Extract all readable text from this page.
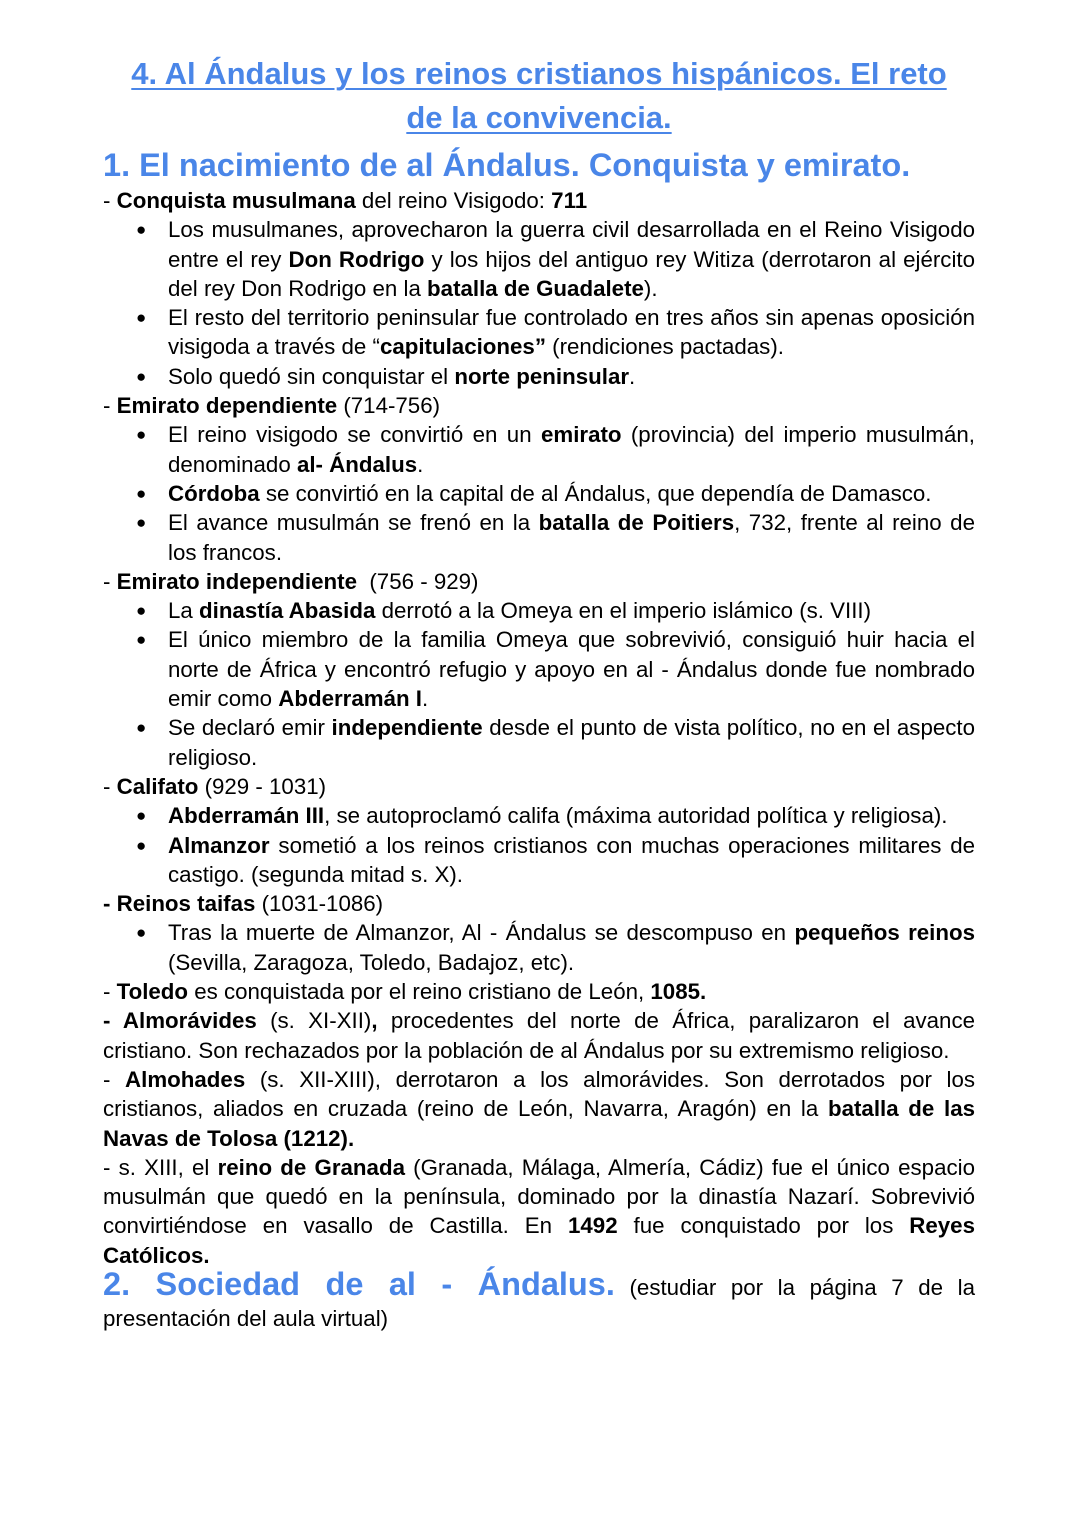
4. Al Ándalus y los reinos cristianos hispánicos. El reto
de la convivencia.
1. El nacimiento de al Ándalus. Conquista y emirato.

- Conquista musulmana del reino Visigodo: 711

● Los musulmanes, aprovecharon la guerra civil desarrollada en el Reino Visigodo entre el rey Don Rodrigo y los hijos del antiguo rey Witiza (derrotaron al ejército del rey Don Rodrigo en la batalla de Guadalete).
● El resto del territorio peninsular fue controlado en tres años sin apenas oposición visigoda a través de “capitulaciones” (rendiciones pactadas).
● Solo quedó sin conquistar el norte peninsular.

- Emirato dependiente (714-756)

● El reino visigodo se convirtió en un emirato (provincia) del imperio musulmán, denominado al- Ándalus.
● Córdoba se convirtió en la capital de al Ándalus, que dependía de Damasco.
● El avance musulmán se frenó en la batalla de Poitiers, 732, frente al reino de los francos.

- Emirato independiente  (756 - 929)

● La dinastía Abasida derrotó a la Omeya en el imperio islámico (s. VIII)
● El único miembro de la familia Omeya que sobrevivió, consiguió huir hacia el norte de África y encontró refugio y apoyo en al - Ándalus donde fue nombrado emir como Abderramán I.
● Se declaró emir independiente desde el punto de vista político, no en el aspecto religioso.

- Califato (929 - 1031)

● Abderramán III, se autoproclamó califa (máxima autoridad política y religiosa).
● Almanzor sometió a los reinos cristianos con muchas operaciones militares de castigo. (segunda mitad s. X).

- Reinos taifas (1031-1086)

● Tras la muerte de Almanzor, Al - Ándalus se descompuso en pequeños reinos (Sevilla, Zaragoza, Toledo, Badajoz, etc).

- Toledo es conquistada por el reino cristiano de León, 1085.

- Almorávides (s. XI-XII), procedentes del norte de África, paralizaron el avance cristiano. Son rechazados por la población de al Ándalus por su extremismo religioso.

- Almohades (s. XII-XIII), derrotaron a los almorávides. Son derrotados por los cristianos, aliados en cruzada (reino de León, Navarra, Aragón) en la batalla de las Navas de Tolosa (1212).

- s. XIII, el reino de Granada (Granada, Málaga, Almería, Cádiz) fue el único espacio musulmán que quedó en la península, dominado por la dinastía Nazarí. Sobrevivió convirtiéndose en vasallo de Castilla. En 1492 fue conquistado por los Reyes Católicos.

2. Sociedad de al - Ándalus. (estudiar por la página 7 de la presentación del aula virtual)
